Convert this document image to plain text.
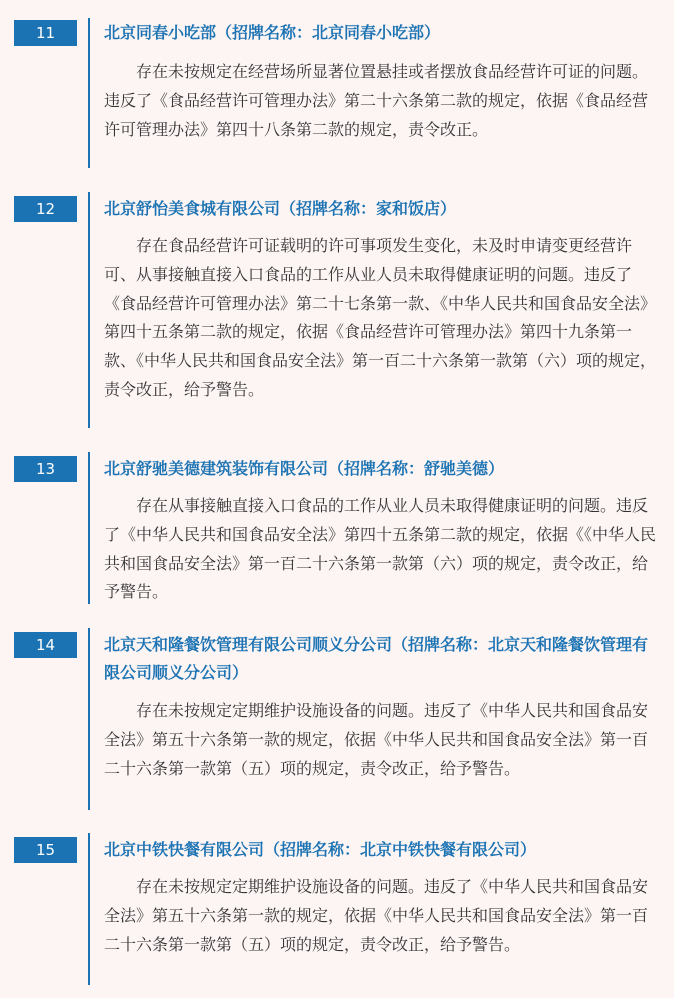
11	北京同春小吃部（招牌名称：北京同春小吃部）

存在未按规定在经营场所显著位置悬挂或者摆放食品经营许可证的问题。违反了《食品经营许可管理办法》第二十六条第二款的规定，依据《食品经营许可管理办法》第四十八条第二款的规定，责令改正。

12	北京舒怡美食城有限公司（招牌名称：家和饭店）

存在食品经营许可证载明的许可事项发生变化，未及时申请变更经营许可、从事接触直接入口食品的工作从业人员未取得健康证明的问题。违反了《食品经营许可管理办法》第二十七条第一款、《中华人民共和国食品安全法》第四十五条第二款的规定，依据《食品经营许可管理办法》第四十九条第一款、《中华人民共和国食品安全法》第一百二十六条第一款第（六）项的规定，责令改正，给予警告。

13	北京舒驰美德建筑装饰有限公司（招牌名称：舒驰美德）

存在从事接触直接入口食品的工作从业人员未取得健康证明的问题。违反了《中华人民共和国食品安全法》第四十五条第二款的规定，依据《《中华人民共和国食品安全法》第一百二十六条第一款第（六）项的规定，责令改正，给予警告。

14	北京天和隆餐饮管理有限公司顺义分公司（招牌名称：北京天和隆餐饮管理有限公司顺义分公司）

存在未按规定定期维护设施设备的问题。违反了《中华人民共和国食品安全法》第五十六条第一款的规定，依据《中华人民共和国食品安全法》第一百二十六条第一款第（五）项的规定，责令改正，给予警告。

15	北京中铁快餐有限公司（招牌名称：北京中铁快餐有限公司）

存在未按规定定期维护设施设备的问题。违反了《中华人民共和国食品安全法》第五十六条第一款的规定，依据《中华人民共和国食品安全法》第一百二十六条第一款第（五）项的规定，责令改正，给予警告。
